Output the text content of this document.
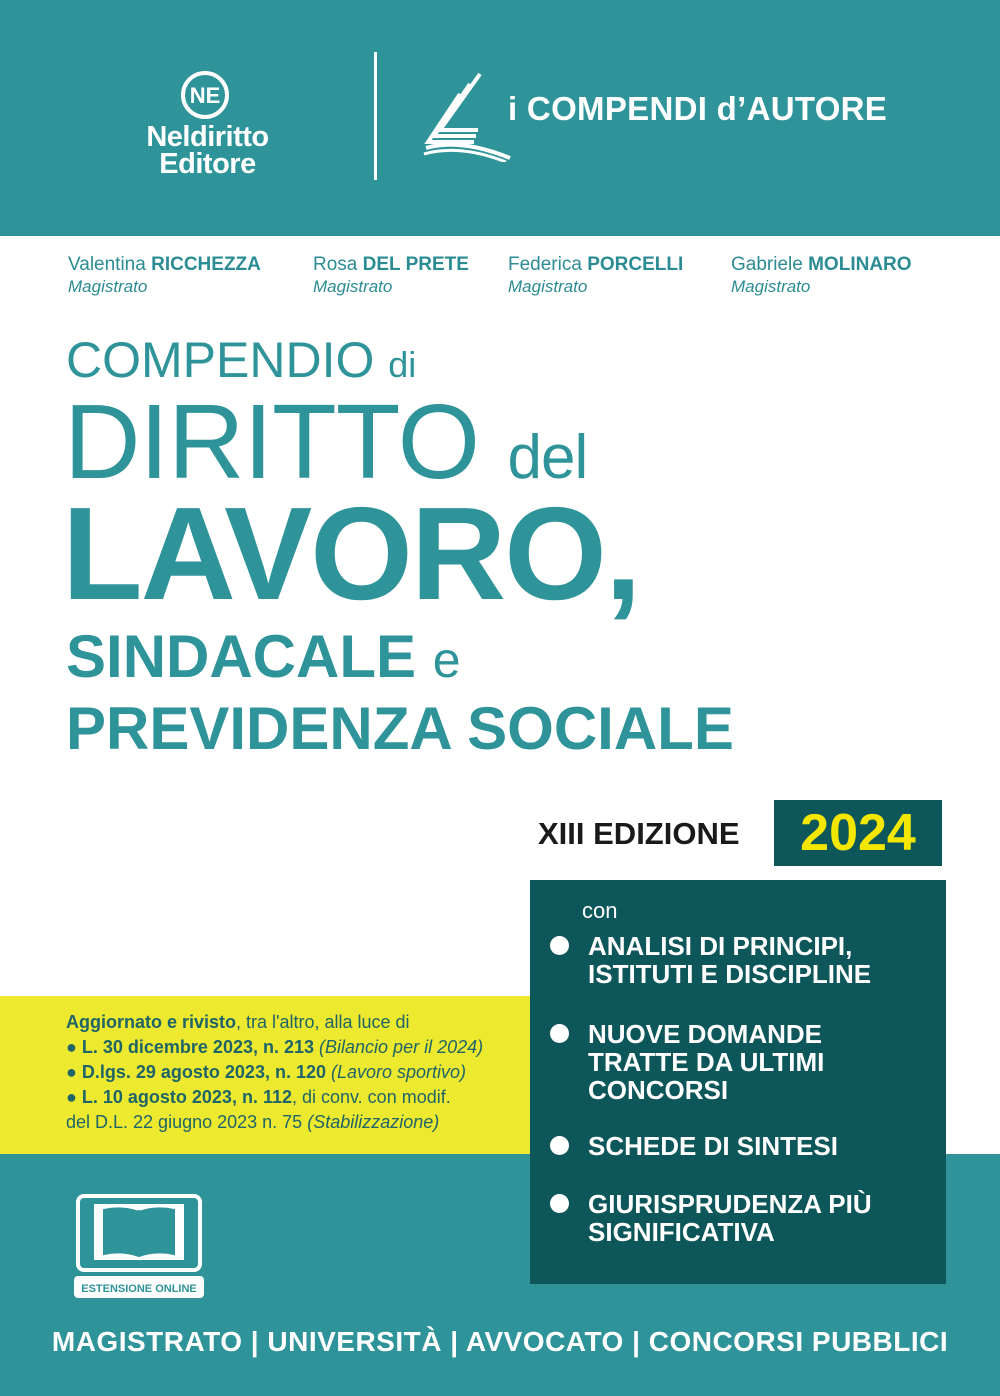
NE
Neldiritto
Editore
i COMPENDI d’AUTORE
Valentina RICCHEZZA
Magistrato
Rosa DEL PRETE
Magistrato
Federica PORCELLI
Magistrato
Gabriele MOLINARO
Magistrato
COMPENDIO di
DIRITTO del
LAVORO,
SINDACALE e
PREVIDENZA SOCIALE
XIII EDIZIONE	2024
Aggiornato e rivisto, tra l'altro, alla luce di
● L. 30 dicembre 2023, n. 213 (Bilancio per il 2024)
● D.lgs. 29 agosto 2023, n. 120 (Lavoro sportivo)
● L. 10 agosto 2023, n. 112, di conv. con modif.
del D.L. 22 giugno 2023 n. 75 (Stabilizzazione)
con
ANALISI DI PRINCIPI,
ISTITUTI E DISCIPLINE
NUOVE DOMANDE
TRATTE DA ULTIMI
CONCORSI
SCHEDE DI SINTESI
GIURISPRUDENZA PIÙ
SIGNIFICATIVA
ESTENSIONE ONLINE
MAGISTRATO | UNIVERSITÀ | AVVOCATO | CONCORSI PUBBLICI
